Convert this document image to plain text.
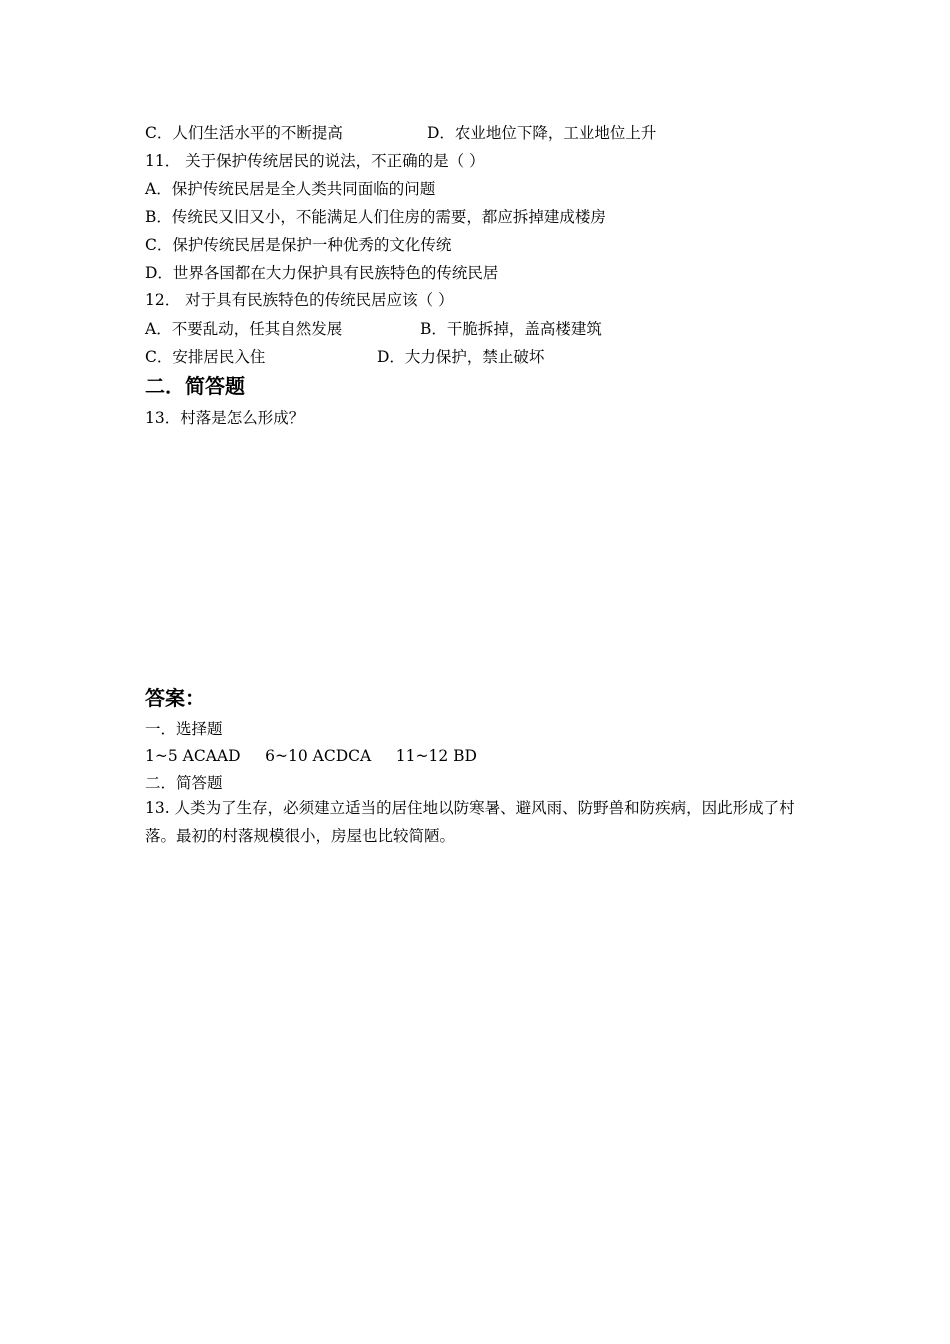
C．人们生活水平的不断提高	D．农业地位下降，工业地位上升
11． 关于保护传统居民的说法，不正确的是（ ）
A．保护传统民居是全人类共同面临的问题
B．传统民又旧又小，不能满足人们住房的需要，都应拆掉建成楼房
C．保护传统民居是保护一种优秀的文化传统
D．世界各国都在大力保护具有民族特色的传统民居
12． 对于具有民族特色的传统民居应该（ ）
A．不要乱动，任其自然发展	B．干脆拆掉，盖高楼建筑
C．安排居民入住	D．大力保护，禁止破坏
二．简答题
13．村落是怎么形成？
答案：
一．选择题
1~5 ACAAD     6~10 ACDCA     11~12 BD
二．简答题
13. 人类为了生存，必须建立适当的居住地以防寒暑、避风雨、防野兽和防疾病，因此形成了村落。最初的村落规模很小，房屋也比较简陋。
